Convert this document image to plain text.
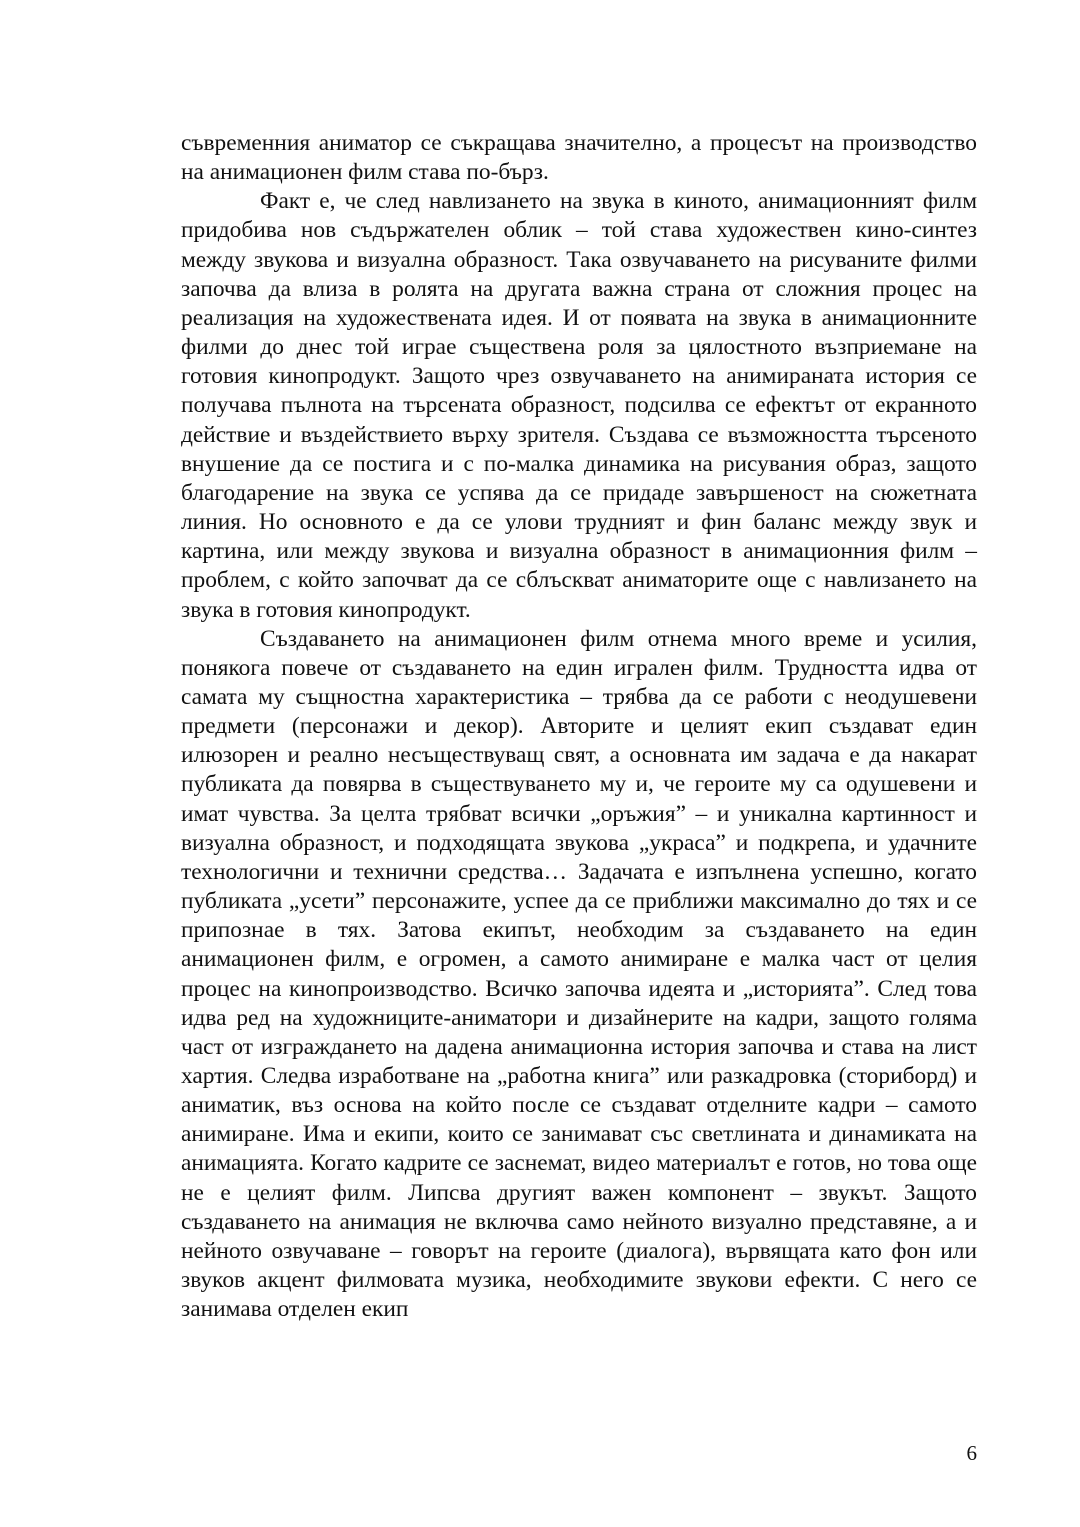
съвременния аниматор се съкращава значително, а процесът на производство на анимационен филм става по-бърз.

Факт е, че след навлизането на звука в киното, анимационният филм придобива нов съдържателен облик – той става художествен кино-синтез между звукова и визуална образност. Така озвучаването на рисуваните филми започва да влиза в ролята на другата важна страна от сложния процес на реализация на художествената идея. И от появата на звука в анимационните филми до днес той играе съществена роля за цялостното възприемане на готовия кинопродукт. Защото чрез озвучаването на анимираната история се получава пълнота на търсената образност, подсилва се ефектът от екранното действие и въздействието върху зрителя. Създава се възможността търсеното внушение да се постига и с по-малка динамика на рисувания образ, защото благодарение на звука се успява да се придаде завършеност на сюжетната линия. Но основното е да се улови трудният и фин баланс между звук и картина, или между звукова и визуална образност в анимационния филм – проблем, с който започват да се сблъскват аниматорите още с навлизането на звука в готовия кинопродукт.

Създаването на анимационен филм отнема много време и усилия, понякога повече от създаването на един игрален филм. Трудността идва от самата му същностна характеристика – трябва да се работи с неодушевени предмети (персонажи и декор). Авторите и целият екип създават един илюзорен и реално несъществуващ свят, а основната им задача е да накарат публиката да повярва в съществуването му и, че героите му са одушевени и имат чувства. За целта трябват всички „оръжия” – и уникална картинност и визуална образност, и подходящата звукова „украса” и подкрепа, и удачните технологични и технични средства… Задачата е изпълнена успешно, когато публиката „усети” персонажите, успее да се приближи максимално до тях и се припознае в тях. Затова екипът, необходим за създаването на един анимационен филм, е огромен, а самото анимиране е малка част от целия процес на кинопроизводство. Всичко започва идеята и „историята”. След това идва ред на художниците-аниматори и дизайнерите на кадри, защото голяма част от изграждането на дадена анимационна история започва и става на лист хартия. Следва изработване на „работна книга” или разкадровка (сториборд) и аниматик, въз основа на който после се създават отделните кадри – самото анимиране. Има и екипи, които се занимават със светлината и динамиката на анимацията. Когато кадрите се заснемат, видео материалът е готов, но това още не е целият филм. Липсва другият важен компонент – звукът. Защото създаването на анимация не включва само нейното визуално представяне, а и нейното озвучаване – говорът на героите (диалога), вървящата като фон или звуков акцент филмовата музика, необходимите звукови ефекти. С него се занимава отделен екип

6
